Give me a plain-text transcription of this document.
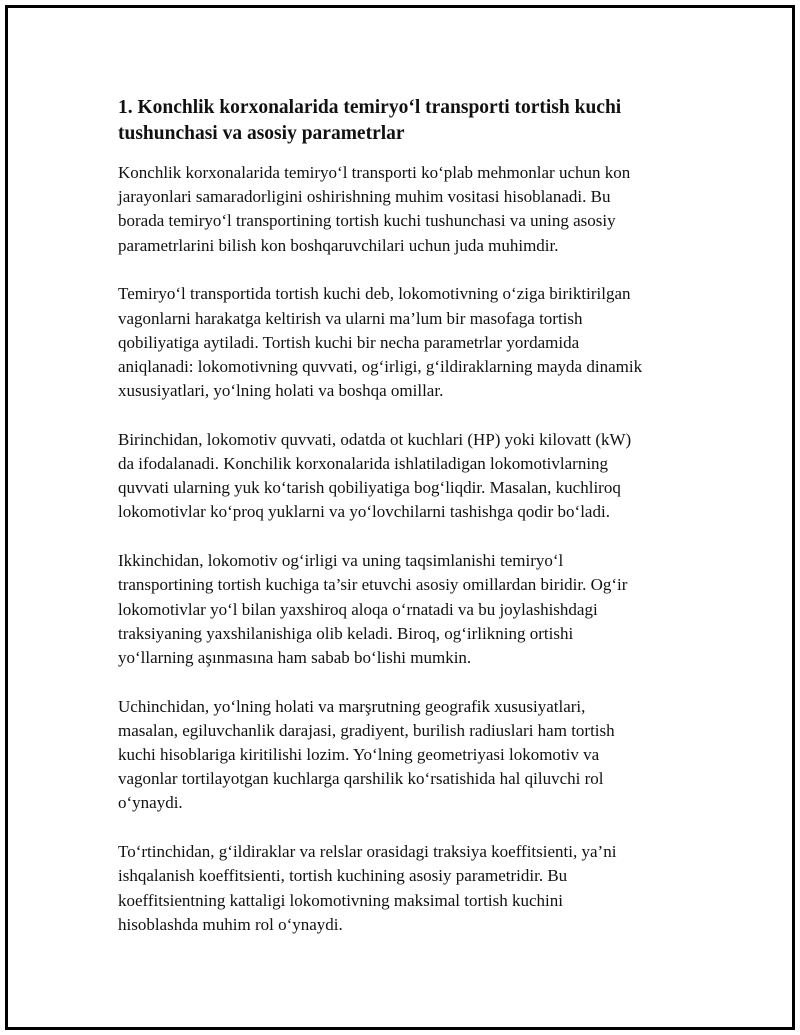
1. Konchlik korxonalarida temiryo‘l transporti tortish kuchi tushunchasi va asosiy parametrlar

Konchlik korxonalarida temiryo‘l transporti ko‘plab mehmonlar uchun kon
jarayonlari samaradorligini oshirishning muhim vositasi hisoblanadi. Bu
borada temiryo‘l transportining tortish kuchi tushunchasi va uning asosiy
parametrlarini bilish kon boshqaruvchilari uchun juda muhimdir.

Temiryo‘l transportida tortish kuchi deb, lokomotivning o‘ziga biriktirilgan
vagonlarni harakatga keltirish va ularni ma’lum bir masofaga tortish
qobiliyatiga aytiladi. Tortish kuchi bir necha parametrlar yordamida
aniqlanadi: lokomotivning quvvati, og‘irligi, g‘ildiraklarning mayda dinamik
xususiyatlari, yo‘lning holati va boshqa omillar.

Birinchidan, lokomotiv quvvati, odatda ot kuchlari (HP) yoki kilovatt (kW)
da ifodalanadi. Konchilik korxonalarida ishlatiladigan lokomotivlarning
quvvati ularning yuk ko‘tarish qobiliyatiga bog‘liqdir. Masalan, kuchliroq
lokomotivlar ko‘proq yuklarni va yo‘lovchilarni tashishga qodir bo‘ladi.

Ikkinchidan, lokomotiv og‘irligi va uning taqsimlanishi temiryo‘l
transportining tortish kuchiga ta’sir etuvchi asosiy omillardan biridir. Og‘ir
lokomotivlar yo‘l bilan yaxshiroq aloqa o‘rnatadi va bu joylashishdagi
traksiyaning yaxshilanishiga olib keladi. Biroq, og‘irlikning ortishi
yo‘llarning aşınmasına ham sabab bo‘lishi mumkin.

Uchinchidan, yo‘lning holati va marşrutning geografik xususiyatlari,
masalan, egiluvchanlik darajasi, gradiyent, burilish radiuslari ham tortish
kuchi hisoblariga kiritilishi lozim. Yo‘lning geometriyasi lokomotiv va
vagonlar tortilayotgan kuchlarga qarshilik ko‘rsatishida hal qiluvchi rol
o‘ynaydi.

To‘rtinchidan, g‘ildiraklar va relslar orasidagi traksiya koeffitsienti, ya’ni
ishqalanish koeffitsienti, tortish kuchining asosiy parametridir. Bu
koeffitsientning kattaligi lokomotivning maksimal tortish kuchini
hisoblashda muhim rol o‘ynaydi.
